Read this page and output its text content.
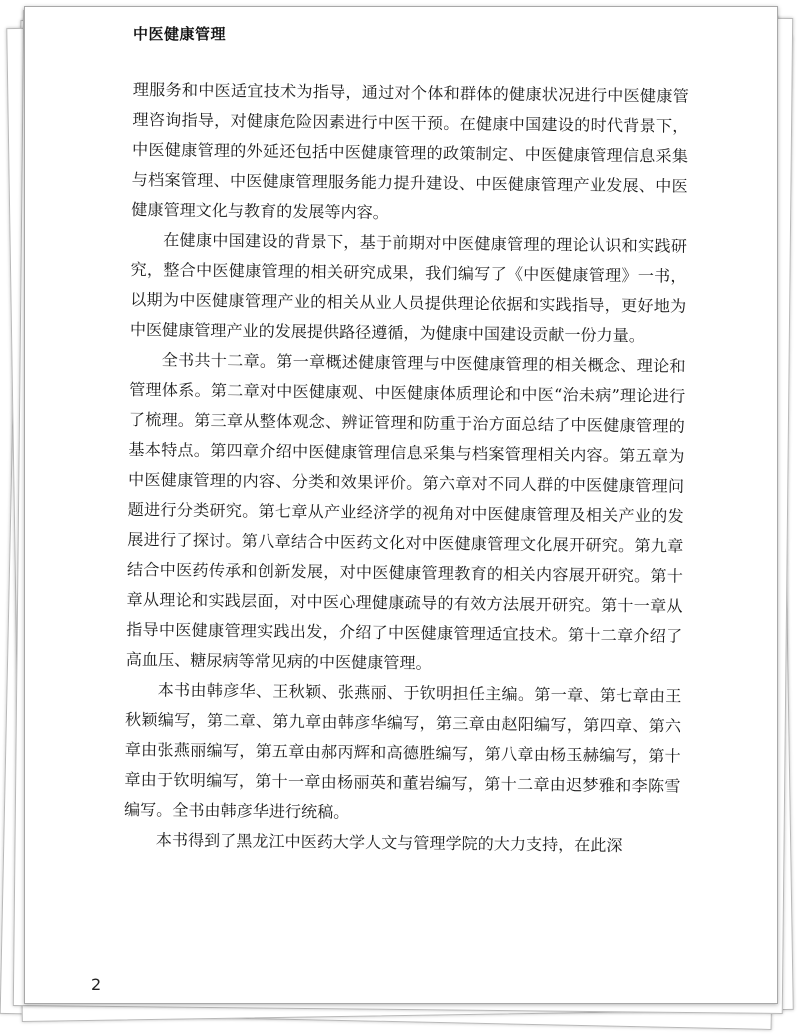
中医健康管理

理服务和中医适宜技术为指导，通过对个体和群体的健康状况进行中医健康管理咨询指导，对健康危险因素进行中医干预。在健康中国建设的时代背景下，中医健康管理的外延还包括中医健康管理的政策制定、中医健康管理信息采集与档案管理、中医健康管理服务能力提升建设、中医健康管理产业发展、中医健康管理文化与教育的发展等内容。

在健康中国建设的背景下，基于前期对中医健康管理的理论认识和实践研究，整合中医健康管理的相关研究成果，我们编写了《中医健康管理》一书，以期为中医健康管理产业的相关从业人员提供理论依据和实践指导，更好地为中医健康管理产业的发展提供路径遵循，为健康中国建设贡献一份力量。

全书共十二章。第一章概述健康管理与中医健康管理的相关概念、理论和管理体系。第二章对中医健康观、中医健康体质理论和中医“治未病”理论进行了梳理。第三章从整体观念、辨证管理和防重于治方面总结了中医健康管理的基本特点。第四章介绍中医健康管理信息采集与档案管理相关内容。第五章为中医健康管理的内容、分类和效果评价。第六章对不同人群的中医健康管理问题进行分类研究。第七章从产业经济学的视角对中医健康管理及相关产业的发展进行了探讨。第八章结合中医药文化对中医健康管理文化展开研究。第九章结合中医药传承和创新发展，对中医健康管理教育的相关内容展开研究。第十章从理论和实践层面，对中医心理健康疏导的有效方法展开研究。第十一章从指导中医健康管理实践出发，介绍了中医健康管理适宜技术。第十二章介绍了高血压、糖尿病等常见病的中医健康管理。

本书由韩彦华、王秋颖、张燕丽、于钦明担任主编。第一章、第七章由王秋颖编写，第二章、第九章由韩彦华编写，第三章由赵阳编写，第四章、第六章由张燕丽编写，第五章由郝丙辉和高德胜编写，第八章由杨玉赫编写，第十章由于钦明编写，第十一章由杨丽英和董岩编写，第十二章由迟梦雅和李陈雪编写。全书由韩彦华进行统稿。

本书得到了黑龙江中医药大学人文与管理学院的大力支持，在此深

2
